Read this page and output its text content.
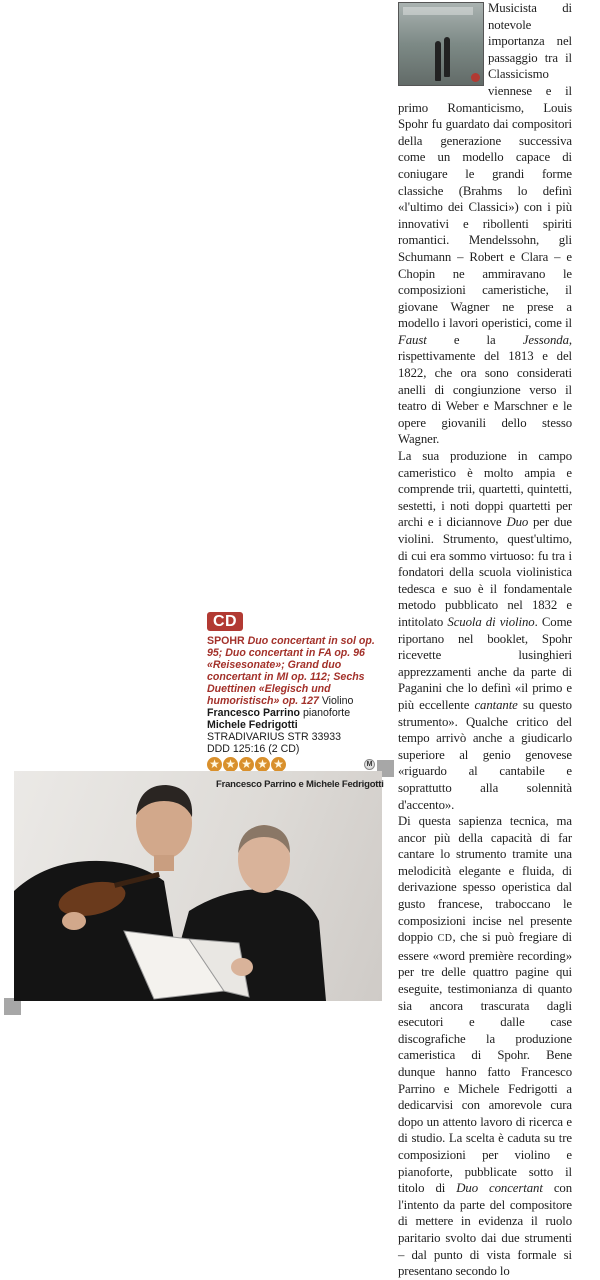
Musicista di notevole importanza nel passaggio tra il Classicismo viennese e il primo Romanticismo, Louis Spohr fu guardato dai compositori della generazione successiva come un modello capace di coniugare le grandi forme classiche (Brahms lo definì «l'ultimo dei Classici») con i più innovativi e ribollenti spiriti romantici. Mendelssohn, gli Schumann – Robert e Clara – e Chopin ne ammiravano le composizioni cameristiche, il giovane Wagner ne prese a modello i lavori operistici, come il Faust e la Jessonda, rispettivamente del 1813 e del 1822, che ora sono considerati anelli di congiunzione verso il teatro di Weber e Marschner e le opere giovanili dello stesso Wagner.

La sua produzione in campo cameristico è molto ampia e comprende trii, quartetti, quintetti, sestetti, i noti doppi quartetti per archi e i diciannove Duo per due violini. Strumento, quest'ultimo, di cui era sommo virtuoso: fu tra i fondatori della scuola violinistica tedesca e suo è il fondamentale metodo pubblicato nel 1832 e intitolato Scuola di violino. Come riportano nel booklet, Spohr ricevette lusinghieri apprezzamenti anche da parte di Paganini che lo definì «il primo e più eccellente cantante su questo strumento». Qualche critico del tempo arrivò anche a giudicarlo superiore al genio genovese «riguardo al cantabile e soprattutto alla solennità d'accento».

Di questa sapienza tecnica, ma ancor più della capacità di far cantare lo strumento tramite una melodicità elegante e fluida, di derivazione spesso operistica dal gusto francese, traboccano le composizioni incise nel presente doppio CD, che si può fregiare di essere «word première recording» per tre delle quattro pagine qui eseguite, testimonianza di quanto sia ancora trascurata dagli esecutori e dalle case discografiche la produzione cameristica di Spohr. Bene dunque hanno fatto Francesco Parrino e Michele Fedrigotti a dedicarvisi con amorevole cura dopo un attento lavoro di ricerca e di studio. La scelta è caduta su tre composizioni per violino e pianoforte, pubblicate sotto il titolo di Duo concertant con l'intento da parte del compositore di mettere in evidenza il ruolo paritario svolto dai due strumenti – dal punto di vista formale si presentano secondo lo

CD
SPOHR Duo concertant in sol op. 95; Duo concertant in FA op. 96 «Reisesonate»; Grand duo concertant in MI op. 112; Sechs Duettinen «Elegisch und humoristisch» op. 127 Violino Francesco Parrino pianoforte Michele Fedrigotti
STRADIVARIUS STR 33933
DDD 125:16 (2 CD)
★ ★ ★ ★ ★	M
Francesco Parrino e Michele Fedrigotti
